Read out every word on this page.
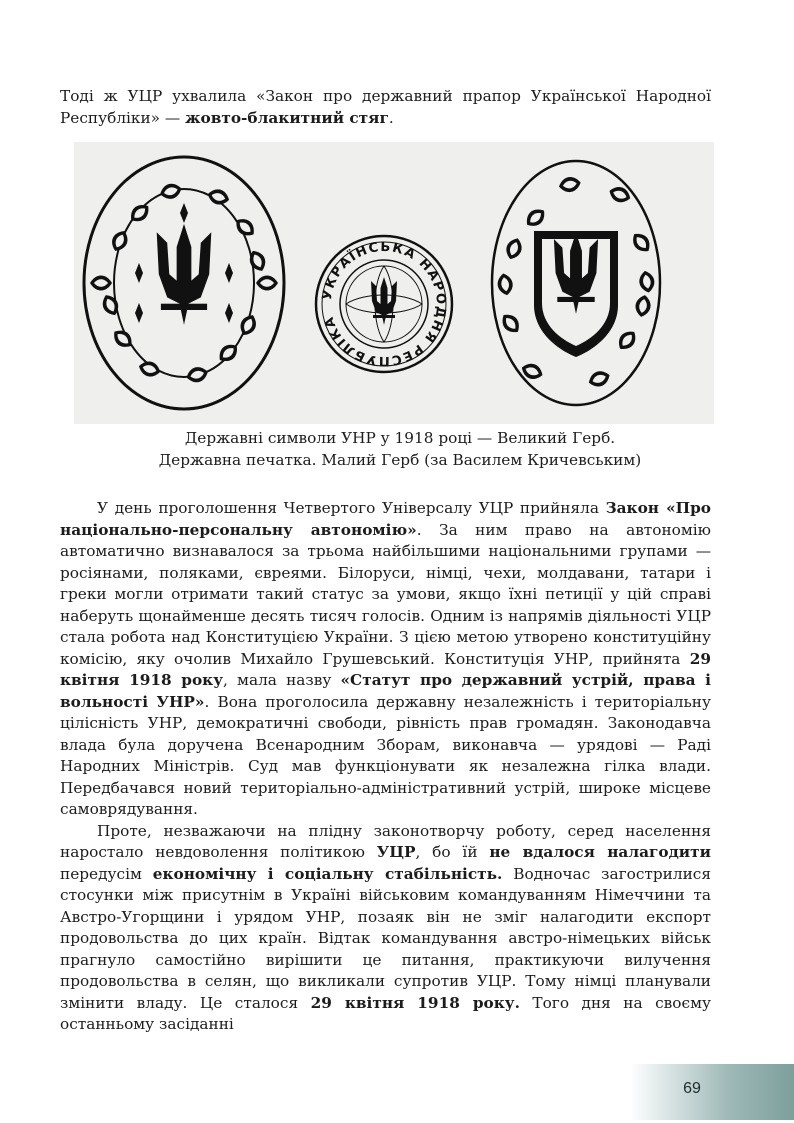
Тоді ж УЦР ухвалила «Закон про державний прапор Української Народної Республіки» — жовто-блакитний стяг.

УКРАЇНСЬКА НАРОДНЯ РЕСПУБЛІКА
Державні символи УНР у 1918 році — Великий Герб.
Державна печатка. Малий Герб (за Василем Кричевським)

У день проголошення Четвертого Універсалу УЦР прийняла Закон «Про національно-персональну автономію». За ним право на автономію автоматично визнавалося за трьома найбільшими національними групами — росіянами, поляками, євреями. Білоруси, німці, чехи, молдавани, татари і греки могли отримати такий статус за умови, якщо їхні петиції у цій справі наберуть щонайменше десять тисяч голосів. Одним із напрямів діяльності УЦР стала робота над Конституцією України. З цією метою утворено конституційну комісію, яку очолив Михайло Грушевський. Конституція УНР, прийнята 29 квітня 1918 року, мала назву «Статут про державний устрій, права і вольності УНР». Вона проголосила державну незалежність і територіальну цілісність УНР, демократичні свободи, рівність прав громадян. Законодавча влада була доручена Всенародним Зборам, виконавча — урядові — Раді Народних Міністрів. Суд мав функціонувати як незалежна гілка влади. Передбачався новий територіально-адміністративний устрій, широке місцеве самоврядування.

Проте, незважаючи на плідну законотворчу роботу, серед населення наростало невдоволення політикою УЦР, бо їй не вдалося налагодити передусім економічну і соціальну стабільність. Водночас загострилися стосунки між присутнім в Україні військовим командуванням Німеччини та Австро-Угорщини і урядом УНР, позаяк він не зміг налагодити експорт продовольства до цих країн. Відтак командування австро-німецьких військ прагнуло самостійно вирішити це питання, практикуючи вилучення продовольства в селян, що викликали супротив УЦР. Тому німці планували змінити владу. Це сталося 29 квітня 1918 року. Того дня на своєму останньому засіданні

69
